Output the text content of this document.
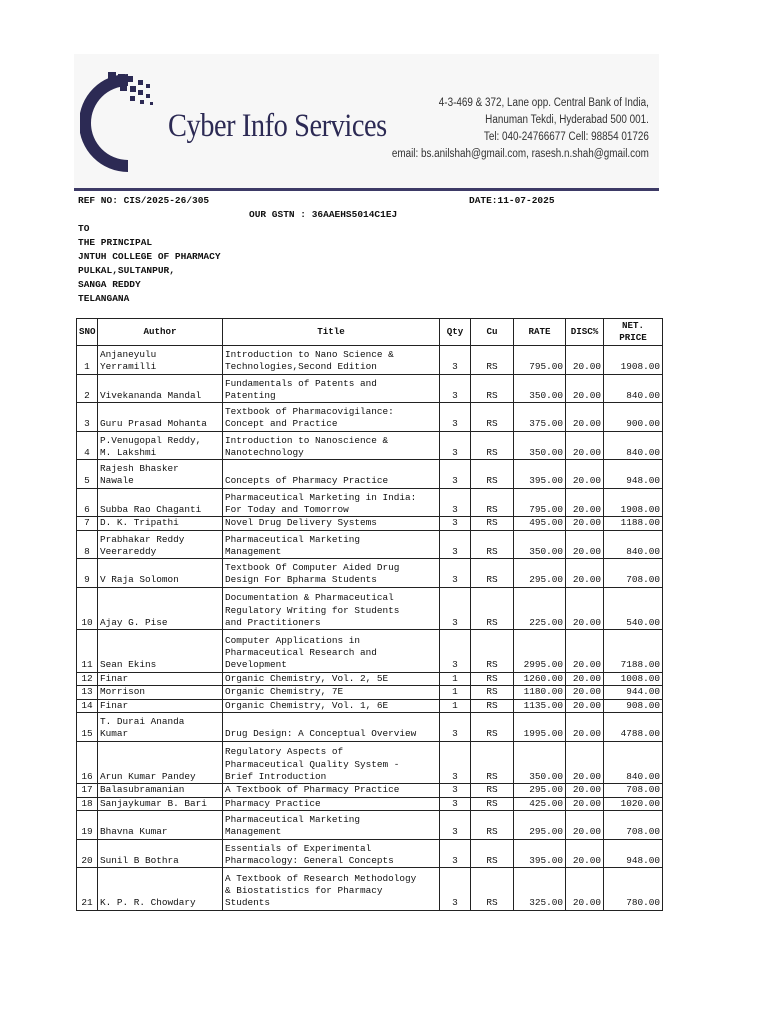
Cyber Info Services
4-3-469 & 372, Lane opp. Central Bank of India,
Hanuman Tekdi, Hyderabad 500 001.
Tel: 040-24766677 Cell: 98854 01726
email: bs.anilshah@gmail.com, rasesh.n.shah@gmail.com
REF NO: CIS/2025-26/305	DATE:11-07-2025
OUR GSTN : 36AAEHS5014C1EJ
TO
THE PRINCIPAL
JNTUH COLLEGE OF PHARMACY
PULKAL,SULTANPUR,
SANGA REDDY
TELANGANA
SNO	Author	Title	Qty	Cu	RATE	DISC%	NET.
PRICE
1	Anjaneyulu
Yerramilli	Introduction to Nano Science &
Technologies,Second Edition	3	RS	795.00	20.00	1908.00
2	Vivekananda Mandal	Fundamentals of Patents and
Patenting	3	RS	350.00	20.00	840.00
3	Guru Prasad Mohanta	Textbook of Pharmacovigilance:
Concept and Practice	3	RS	375.00	20.00	900.00
4	P.Venugopal Reddy,
M. Lakshmi	Introduction to Nanoscience &
Nanotechnology	3	RS	350.00	20.00	840.00
5	Rajesh Bhasker
Nawale	Concepts of Pharmacy Practice	3	RS	395.00	20.00	948.00
6	Subba Rao Chaganti	Pharmaceutical Marketing in India:
For Today and Tomorrow	3	RS	795.00	20.00	1908.00
7	D. K. Tripathi	Novel Drug Delivery Systems	3	RS	495.00	20.00	1188.00
8	Prabhakar Reddy
Veerareddy	Pharmaceutical Marketing
Management	3	RS	350.00	20.00	840.00
9	V Raja Solomon	Textbook Of Computer Aided Drug
Design For Bpharma Students	3	RS	295.00	20.00	708.00
10	Ajay G. Pise	Documentation & Pharmaceutical
Regulatory Writing for Students
and Practitioners	3	RS	225.00	20.00	540.00
11	Sean Ekins	Computer Applications in
Pharmaceutical Research and
Development	3	RS	2995.00	20.00	7188.00
12	Finar	Organic Chemistry, Vol. 2, 5E	1	RS	1260.00	20.00	1008.00
13	Morrison	Organic Chemistry, 7E	1	RS	1180.00	20.00	944.00
14	Finar	Organic Chemistry, Vol. 1, 6E	1	RS	1135.00	20.00	908.00
15	T. Durai Ananda
Kumar	Drug Design: A Conceptual Overview	3	RS	1995.00	20.00	4788.00
16	Arun Kumar Pandey	Regulatory Aspects of
Pharmaceutical Quality System -
Brief Introduction	3	RS	350.00	20.00	840.00
17	Balasubramanian	A Textbook of Pharmacy Practice	3	RS	295.00	20.00	708.00
18	Sanjaykumar B. Bari	Pharmacy Practice	3	RS	425.00	20.00	1020.00
19	Bhavna Kumar	Pharmaceutical Marketing
Management	3	RS	295.00	20.00	708.00
20	Sunil B Bothra	Essentials of Experimental
Pharmacology: General Concepts	3	RS	395.00	20.00	948.00
21	K. P. R. Chowdary	A Textbook of Research Methodology
& Biostatistics for Pharmacy
Students	3	RS	325.00	20.00	780.00
